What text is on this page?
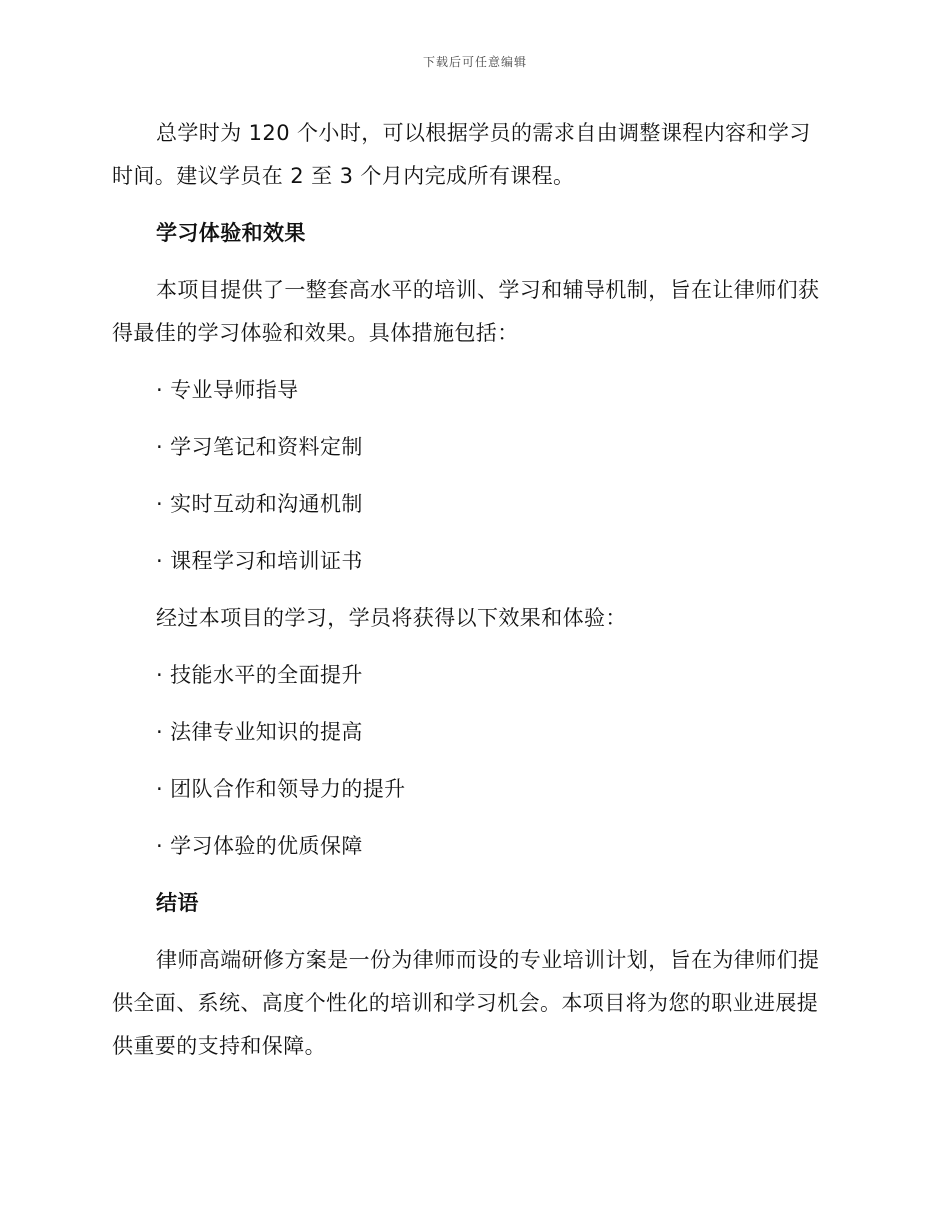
下载后可任意编辑

总学时为 120 个小时，可以根据学员的需求自由调整课程内容和学习时间。建议学员在 2 至 3 个月内完成所有课程。

学习体验和效果

本项目提供了一整套高水平的培训、学习和辅导机制，旨在让律师们获得最佳的学习体验和效果。具体措施包括：

· 专业导师指导
· 学习笔记和资料定制
· 实时互动和沟通机制
· 课程学习和培训证书

经过本项目的学习，学员将获得以下效果和体验：

· 技能水平的全面提升
· 法律专业知识的提高
· 团队合作和领导力的提升
· 学习体验的优质保障
结语

律师高端研修方案是一份为律师而设的专业培训计划，旨在为律师们提供全面、系统、高度个性化的培训和学习机会。本项目将为您的职业进展提供重要的支持和保障。
